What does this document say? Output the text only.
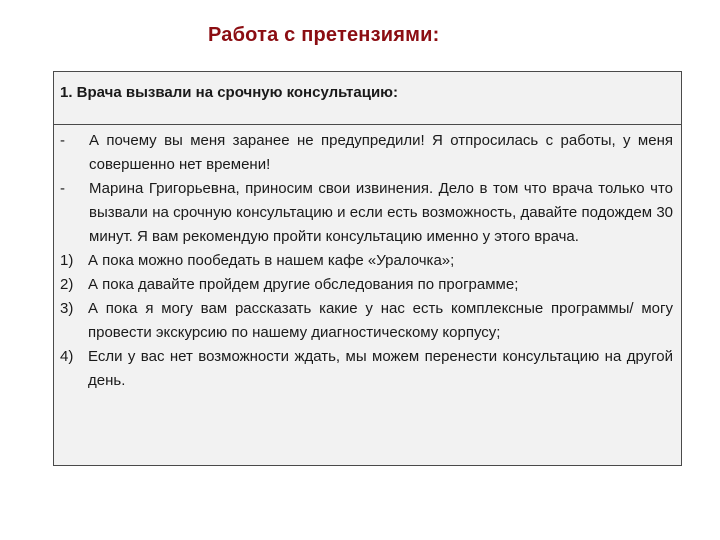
Работа с претензиями:
1. Врача вызвали на срочную консультацию:
-	А почему вы меня заранее не предупредили! Я отпросилась с работы, у меня совершенно нет времени!
-	Марина Григорьевна, приносим свои извинения. Дело в том что врача только что вызвали на срочную консультацию и если есть возможность, давайте подождем 30 минут. Я вам рекомендую пройти консультацию именно у этого врача.
1) А пока можно пообедать в нашем кафе «Уралочка»;
2) А пока давайте пройдем другие обследования по программе;
3) А пока я могу вам рассказать какие у нас есть комплексные программы/ могу провести экскурсию по нашему диагностическому корпусу;
4) Если у вас нет возможности ждать, мы можем перенести консультацию на другой день.
